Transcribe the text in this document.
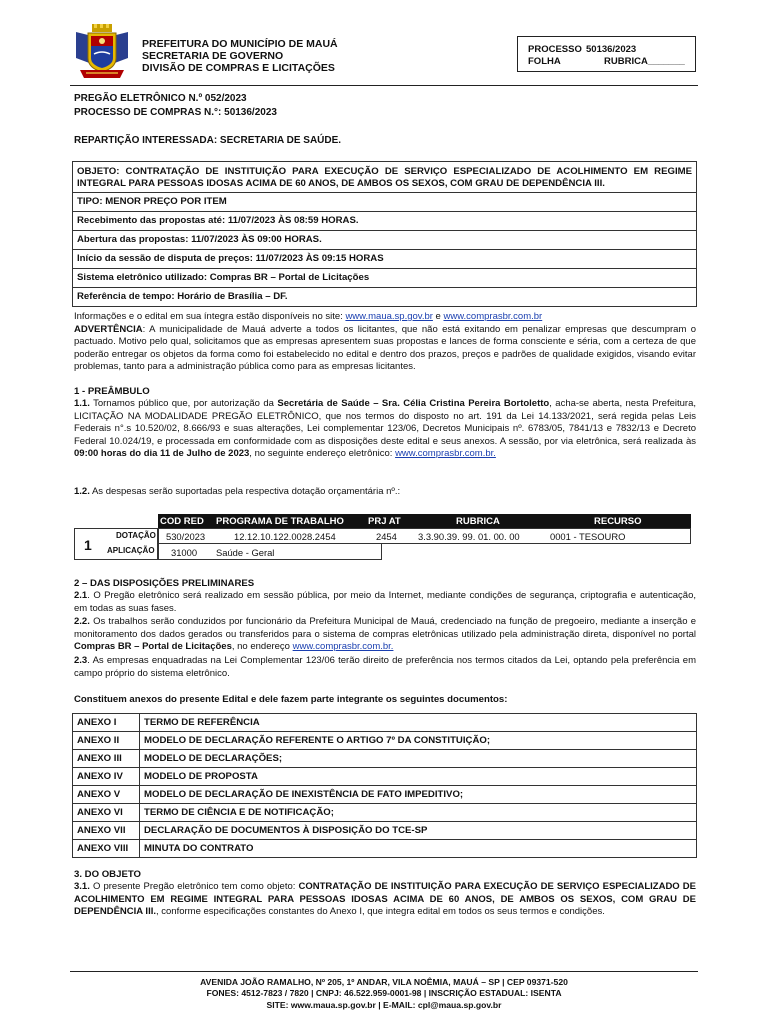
PREFEITURA DO MUNICÍPIO DE MAUÁ
SECRETARIA DE GOVERNO
DIVISÃO DE COMPRAS E LICITAÇÕES
PROCESSO 50136/2023
FOLHA	RUBRICA_______
PREGÃO ELETRÔNICO N.º 052/2023
PROCESSO DE COMPRAS N.°: 50136/2023
REPARTIÇÃO INTERESSADA: SECRETARIA DE SAÚDE.
OBJETO: CONTRATAÇÃO DE INSTITUIÇÃO PARA EXECUÇÃO DE SERVIÇO ESPECIALIZADO DE ACOLHIMENTO EM REGIME INTEGRAL PARA PESSOAS IDOSAS ACIMA DE 60 ANOS, DE AMBOS OS SEXOS, COM GRAU DE DEPENDÊNCIA III.
TIPO: MENOR PREÇO POR ITEM
Recebimento das propostas até: 11/07/2023 ÀS 08:59 HORAS.
Abertura das propostas: 11/07/2023 ÀS 09:00 HORAS.
Início da sessão de disputa de preços: 11/07/2023 ÀS 09:15 HORAS
Sistema eletrônico utilizado: Compras BR – Portal de Licitações
Referência de tempo: Horário de Brasília – DF.
Informações e o edital em sua íntegra estão disponíveis no site: www.maua.sp.gov.br e www.comprasbr.com.br
ADVERTÊNCIA: A municipalidade de Mauá adverte a todos os licitantes, que não está exitando em penalizar empresas que descumpram o pactuado. Motivo pelo qual, solicitamos que as empresas apresentem suas propostas e lances de forma consciente e séria, com a certeza de que poderão entregar os objetos da forma como foi estabelecido no edital e dentro dos prazos, preços e padrões de qualidade exigidos, visando evitar problemas, tanto para a administração pública como para as empresas licitantes.
1 - PREÂMBULO
1.1. Tornamos público que, por autorização da Secretária de Saúde – Sra. Célia Cristina Pereira Bortoletto, acha-se aberta, nesta Prefeitura, LICITAÇÃO NA MODALIDADE PREGÃO ELETRÔNICO, que nos termos do disposto no art. 191 da Lei 14.133/2021, será regida pelas Leis Federais n°.s 10.520/02, 8.666/93 e suas alterações, Lei complementar 123/06, Decretos Municipais nº. 6783/05, 7841/13 e 7832/13 e Decreto Federal 10.024/19, e processada em conformidade com as disposições deste edital e seus anexos. A sessão, por via eletrônica, será realizada às 09:00 horas do dia 11 de Julho de 2023, no seguinte endereço eletrônico: www.comprasbr.com.br.
1.2. As despesas serão suportadas pela respectiva dotação orçamentária nº.:
COD RED PROGRAMA DE TRABALHO	PRJ AT	RUBRICA	RECURSO
1
DOTAÇÃO
APLICAÇÃO
530/2023	12.12.10.122.0028.2454	2454 3.3.90.39. 99. 01. 00. 00	0001 - TESOURO
31000 Saúde - Geral
2 – DAS DISPOSIÇÕES PRELIMINARES
2.1. O Pregão eletrônico será realizado em sessão pública, por meio da Internet, mediante condições de segurança, criptografia e autenticação, em todas as suas fases.
2.2. Os trabalhos serão conduzidos por funcionário da Prefeitura Municipal de Mauá, credenciado na função de pregoeiro, mediante a inserção e monitoramento dos dados gerados ou transferidos para o sistema de compras eletrônicas utilizado pela administração direta, disponível no portal Compras BR – Portal de Licitações, no endereço www.comprasbr.com.br.
2.3. As empresas enquadradas na Lei Complementar 123/06 terão direito de preferência nos termos citados da Lei, optando pela preferência em campo próprio do sistema eletrônico.
Constituem anexos do presente Edital e dele fazem parte integrante os seguintes documentos:
ANEXO I	TERMO DE REFERÊNCIA
ANEXO II	MODELO DE DECLARAÇÃO REFERENTE O ARTIGO 7º DA CONSTITUIÇÃO;
ANEXO III	MODELO DE DECLARAÇÕES;
ANEXO IV	MODELO DE PROPOSTA
ANEXO V	MODELO DE DECLARAÇÃO DE INEXISTÊNCIA DE FATO IMPEDITIVO;
ANEXO VI	TERMO DE CIÊNCIA E DE NOTIFICAÇÃO;
ANEXO VII	DECLARAÇÃO DE DOCUMENTOS À DISPOSIÇÃO DO TCE-SP
ANEXO VIII	MINUTA DO CONTRATO
3. DO OBJETO
3.1. O presente Pregão eletrônico tem como objeto: CONTRATAÇÃO DE INSTITUIÇÃO PARA EXECUÇÃO DE SERVIÇO ESPECIALIZADO DE ACOLHIMENTO EM REGIME INTEGRAL PARA PESSOAS IDOSAS ACIMA DE 60 ANOS, DE AMBOS OS SEXOS, COM GRAU DE DEPENDÊNCIA III., conforme especificações constantes do Anexo I, que integra edital em todos os seus termos e condições.
AVENIDA JOÃO RAMALHO, Nº 205, 1º ANDAR, VILA NOÊMIA, MAUÁ – SP | CEP 09371-520
FONES: 4512-7823 / 7820 | CNPJ: 46.522.959-0001-98 | INSCRIÇÃO ESTADUAL: ISENTA
SITE: www.maua.sp.gov.br | E-MAIL: cpl@maua.sp.gov.br
